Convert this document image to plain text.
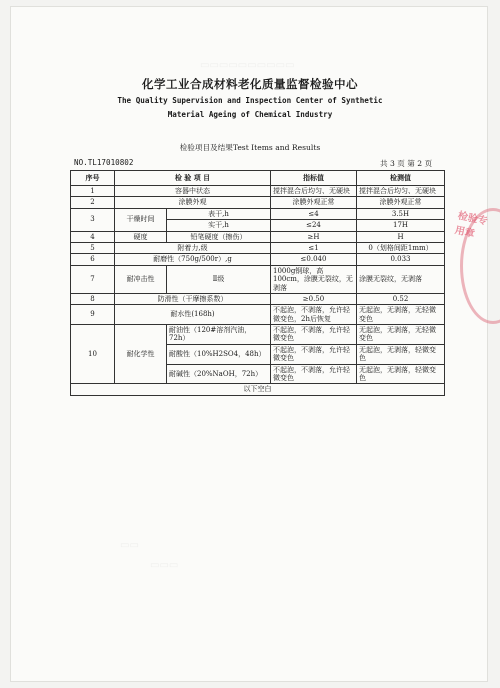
▭▭▭▭▭▭▭▭▭▭
▭▭
▭▭▭
化学工业合成材料老化质量监督检验中心
The Quality Supervision and Inspection Center of Synthetic
Material Ageing of Chemical Industry
检验项目及结果Test Items and Results
NO.TL17010802	共 3 页 第 2 页
序号	检 验 项 目		指标值	检测值
1	容器中状态		搅拌混合后均匀、无硬块	搅拌混合后均匀、无硬块
2	涂膜外观		涂膜外观正常	涂膜外观正常
3	干燥时间	表干,h	≤4	3.5H
		实干,h	≤24	17H
4	硬度	铅笔硬度（擦伤）	≥H	H
5	附着力,级		≤1	0（划格间距1mm）
6	耐磨性（750g/500r）,g		≤0.040	0.033
7	耐冲击性	Ⅱ级	1000g钢球，高100cm，涂膜无裂纹，无剥落	涂膜无裂纹，无剥落
8	防滑性（干摩擦系数）		≥0.50	0.52
9	耐水性(168h)		不起泡，不剥落，允许轻微变色，2h后恢复	无起泡，无剥落，无轻微变色
10	耐化学性	耐油性（120#溶剂汽油，72h）	不起泡，不剥落，允许轻微变色	无起泡，无剥落，无轻微变色
		耐酸性（10%H2SO4，48h）	不起泡，不剥落，允许轻微变色	无起泡，无剥落，轻微变色
		耐碱性（20%NaOH，72h）	不起泡，不剥落，允许轻微变色	无起泡，无剥落，轻微变色
以下空白				
检验专用章
